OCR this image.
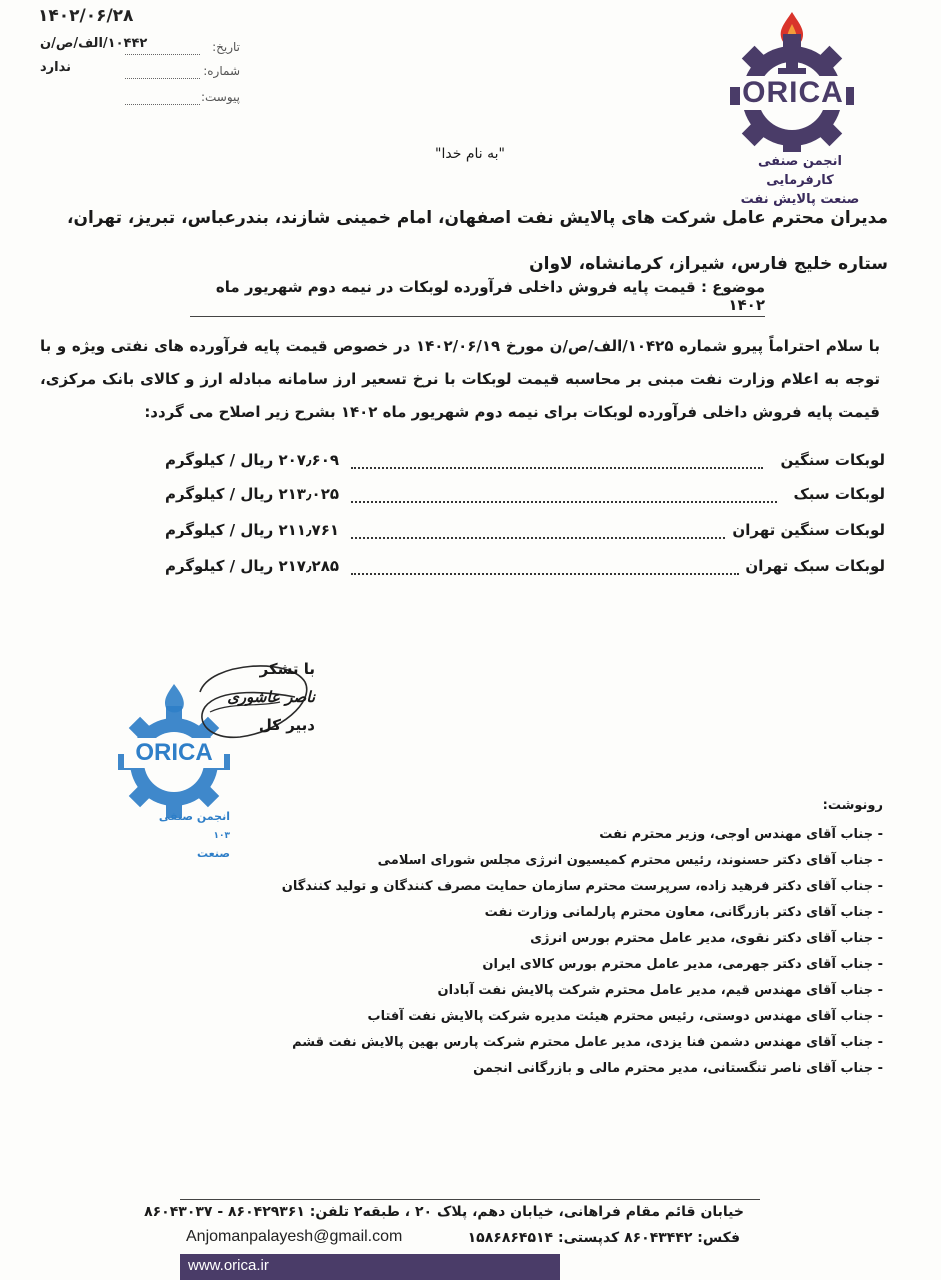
۱۴۰۲/۰۶/۲۸
تاریخ:
۱۰۴۴۲/الف/ص/ن
شماره:
ندارد
پیوست:	ORICA
انجمن صنفی کارفرمایی
صنعت پالایش نفت
"به نام خدا"
مدیران محترم عامل شرکت های پالایش نفت اصفهان، امام خمینی شازند، بندرعباس، تبریز، تهران، ستاره خلیج فارس، شیراز، کرمانشاه، لاوان
موضوع : قیمت پایه فروش داخلی فرآورده لوبکات در نیمه دوم شهریور ماه ۱۴۰۲
با سلام احتراماً پیرو شماره ۱۰۴۲۵/الف/ص/ن مورخ ۱۴۰۲/۰۶/۱۹ در خصوص قیمت پایه فرآورده های نفتی ویژه و با توجه به اعلام وزارت نفت مبنی بر محاسبه قیمت لوبکات با نرخ تسعیر ارز سامانه مبادله ارز و کالای بانک مرکزی، قیمت پایه فروش داخلی فرآورده لوبکات برای نیمه دوم شهریور ماه ۱۴۰۲ بشرح زیر اصلاح می گردد:
لوبکات سنگین
۲۰۷٫۶۰۹ ریال / کیلوگرم
لوبکات سبک
۲۱۳٫۰۲۵ ریال / کیلوگرم
لوبکات سنگین تهران
۲۱۱٫۷۶۱ ریال / کیلوگرم
لوبکات سبک تهران
۲۱۷٫۲۸۵ ریال / کیلوگرم
ORICA
انجمن صنفی ۱۰۳
صنعت
با تشکر
ناصر عاشوری
دبیر کل
رونوشت:
- جناب آقای مهندس اوجی، وزیر محترم نفت
- جناب آقای دکتر حسنوند، رئیس محترم کمیسیون انرژی مجلس شورای اسلامی
- جناب آقای دکتر فرهید زاده، سرپرست محترم سازمان حمایت مصرف کنندگان و تولید کنندگان
- جناب آقای دکتر بازرگانی، معاون محترم پارلمانی وزارت نفت
- جناب آقای دکتر نقوی، مدیر عامل محترم بورس انرژی
- جناب آقای دکتر جهرمی، مدیر عامل محترم بورس کالای ایران
- جناب آقای مهندس قیم، مدیر عامل محترم شرکت پالایش نفت آبادان
- جناب آقای مهندس دوستی، رئیس محترم هیئت مدیره شرکت پالایش نفت آفتاب
- جناب آقای مهندس دشمن فنا یزدی، مدیر عامل محترم شرکت پارس بهین پالایش نفت قشم
- جناب آقای ناصر تنگستانی، مدیر محترم مالی و بازرگانی انجمن
خیابان قائم مقام فراهانی، خیابان دهم، پلاک ۲۰ ، طبقه۲ تلفن: ۸۶۰۴۲۹۳۶۱ - ۸۶۰۴۳۰۳۷
فکس: ۸۶۰۴۳۴۴۲ کدپستی: ۱۵۸۶۸۶۴۵۱۴
Anjomanpalayesh@gmail.com
www.orica.ir
